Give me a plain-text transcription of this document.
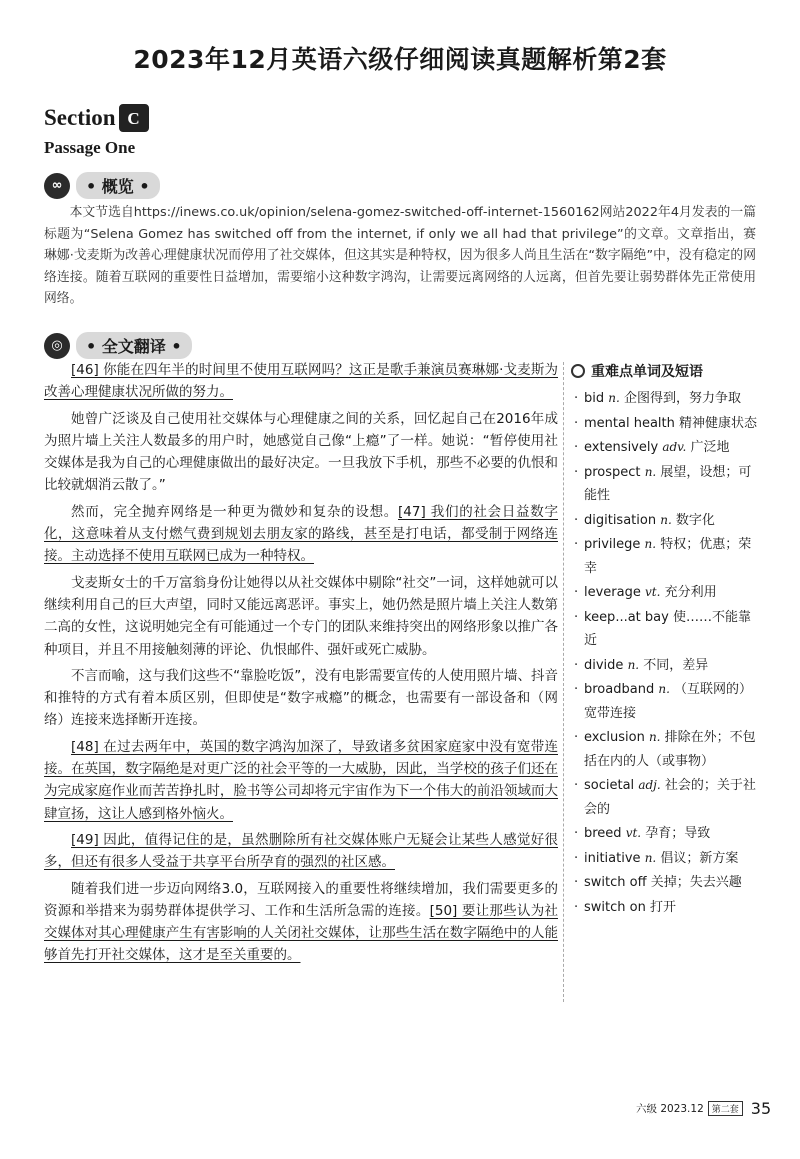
2023年12月英语六级仔细阅读真题解析第2套
Section C
Passage One
∞	• 概览 •
本文节选自https://inews.co.uk/opinion/selena-gomez-switched-off-internet-1560162网站2022年4月发表的一篇标题为“Selena Gomez has switched off from the internet, if only we all had that privilege”的文章。文章指出，赛琳娜·戈麦斯为改善心理健康状况而停用了社交媒体，但这其实是种特权，因为很多人尚且生活在“数字隔绝”中，没有稳定的网络连接。随着互联网的重要性日益增加，需要缩小这种数字鸿沟，让需要远离网络的人远离，但首先要让弱势群体先正常使用网络。
◎	• 全文翻译 •

[46] 你能在四年半的时间里不使用互联网吗？这正是歌手兼演员赛琳娜·戈麦斯为改善心理健康状况所做的努力。

她曾广泛谈及自己使用社交媒体与心理健康之间的关系，回忆起自己在2016年成为照片墙上关注人数最多的用户时，她感觉自己像“上瘾”了一样。她说：“暂停使用社交媒体是我为自己的心理健康做出的最好决定。一旦我放下手机，那些不必要的仇恨和比较就烟消云散了。”

然而，完全抛弃网络是一种更为微妙和复杂的设想。[47] 我们的社会日益数字化，这意味着从支付燃气费到规划去朋友家的路线，甚至是打电话，都受制于网络连接。主动选择不使用互联网已成为一种特权。

戈麦斯女士的千万富翁身份让她得以从社交媒体中剔除“社交”一词，这样她就可以继续利用自己的巨大声望，同时又能远离恶评。事实上，她仍然是照片墙上关注人数第二高的女性，这说明她完全有可能通过一个专门的团队来维持突出的网络形象以推广各种项目，并且不用接触刻薄的评论、仇恨邮件、强奸或死亡威胁。

不言而喻，这与我们这些不“靠脸吃饭”，没有电影需要宣传的人使用照片墙、抖音和推特的方式有着本质区别，但即使是“数字戒瘾”的概念，也需要有一部设备和（网络）连接来选择断开连接。

[48] 在过去两年中，英国的数字鸿沟加深了，导致诸多贫困家庭家中没有宽带连接。在英国，数字隔绝是对更广泛的社会平等的一大威胁，因此，当学校的孩子们还在为完成家庭作业而苦苦挣扎时，脸书等公司却将元宇宙作为下一个伟大的前沿领域而大肆宣扬，这让人感到格外恼火。

[49] 因此，值得记住的是，虽然删除所有社交媒体账户无疑会让某些人感觉好很多，但还有很多人受益于共享平台所孕育的强烈的社区感。

随着我们进一步迈向网络3.0，互联网接入的重要性将继续增加，我们需要更多的资源和举措来为弱势群体提供学习、工作和生活所急需的连接。[50] 要让那些认为社交媒体对其心理健康产生有害影响的人关闭社交媒体，让那些生活在数字隔绝中的人能够首先打开社交媒体，这才是至关重要的。

重难点单词及短语
· bid n. 企图得到，努力争取
· mental health 精神健康状态
· extensively adv. 广泛地
· prospect n. 展望，设想；可能性
· digitisation n. 数字化
· privilege n. 特权；优惠；荣幸
· leverage vt. 充分利用
· keep...at bay 使……不能靠近
· divide n. 不同，差异
· broadband n. （互联网的）宽带连接
· exclusion n. 排除在外；不包括在内的人（或事物）
· societal adj. 社会的；关于社会的
· breed vt. 孕育；导致
· initiative n. 倡议；新方案
· switch off 关掉；失去兴趣
· switch on 打开
六级 2023.12 第二套 35
